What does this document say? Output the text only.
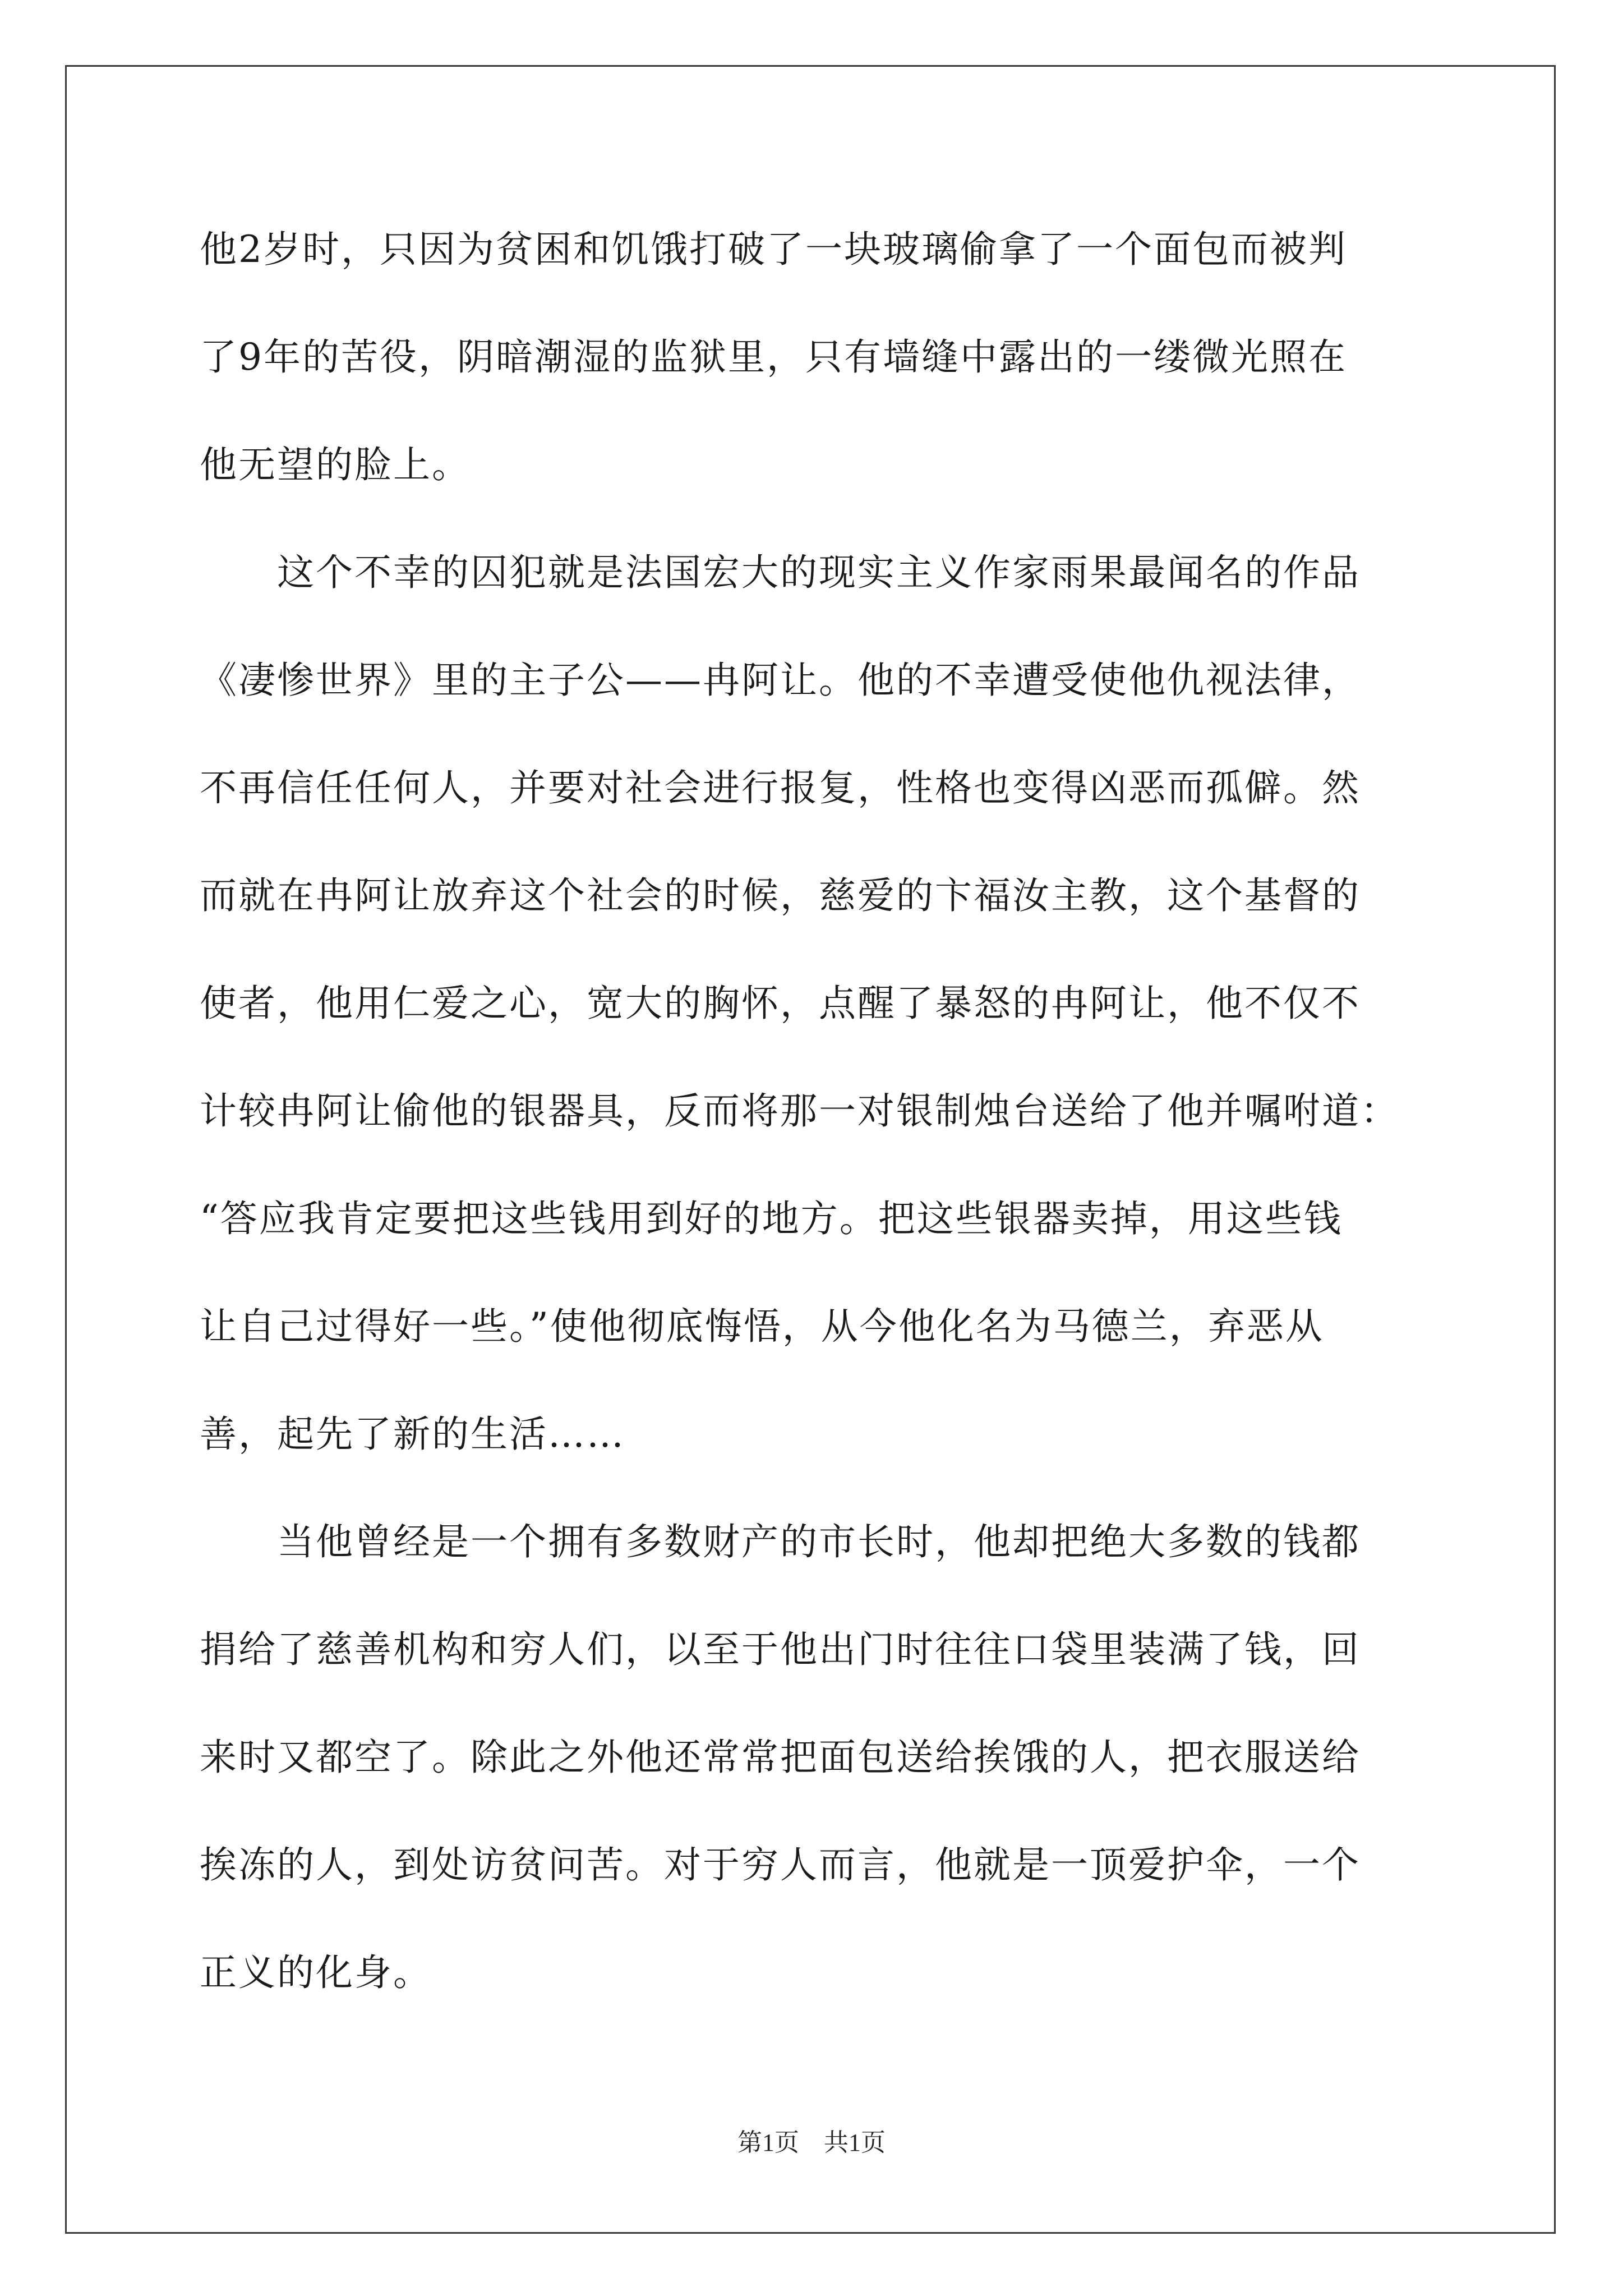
他2岁时，只因为贫困和饥饿打破了一块玻璃偷拿了一个面包而被判
了9年的苦役，阴暗潮湿的监狱里，只有墙缝中露出的一缕微光照在
他无望的脸上。
　　这个不幸的囚犯就是法国宏大的现实主义作家雨果最闻名的作品
《凄惨世界》里的主子公——冉阿让。他的不幸遭受使他仇视法律，
不再信任任何人，并要对社会进行报复，性格也变得凶恶而孤僻。然
而就在冉阿让放弃这个社会的时候，慈爱的卞福汝主教，这个基督的
使者，他用仁爱之心，宽大的胸怀，点醒了暴怒的冉阿让，他不仅不
计较冉阿让偷他的银器具，反而将那一对银制烛台送给了他并嘱咐道：
“答应我肯定要把这些钱用到好的地方。把这些银器卖掉，用这些钱
让自己过得好一些。”使他彻底悔悟，从今他化名为马德兰，弃恶从
善，起先了新的生活……
　　当他曾经是一个拥有多数财产的市长时，他却把绝大多数的钱都
捐给了慈善机构和穷人们，以至于他出门时往往口袋里装满了钱，回
来时又都空了。除此之外他还常常把面包送给挨饿的人，把衣服送给
挨冻的人，到处访贫问苦。对于穷人而言，他就是一顶爱护伞，一个
正义的化身。
第1页 共1页
